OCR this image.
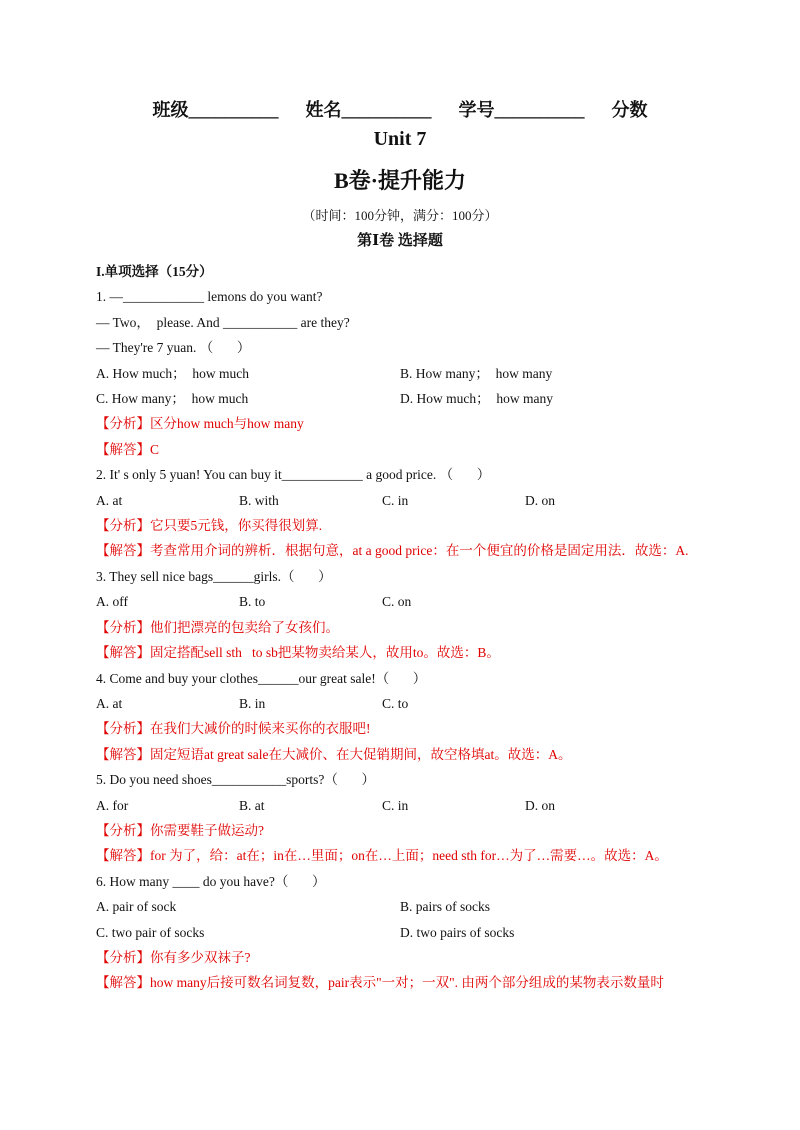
班级__________      姓名__________      学号__________      分数
Unit 7
B卷·提升能力
（时间：100分钟，满分：100分）
第Ⅰ卷 选择题
I.单项选择（15分）
1. —____________ lemons do you want?
— Two，  please. And ___________ are they?
— They're 7 yuan. （       ）
A. How much；  how much	B. How many；  how many
C. How many；  how much	D. How much；  how many
【分析】区分how much与how many
【解答】C
2. It' s only 5 yuan! You can buy it____________ a good price. （       ）
A. at	B. with	C. in	D. on
【分析】它只要5元钱，你买得很划算.
【解答】考查常用介词的辨析．根据句意，at a good price：在一个便宜的价格是固定用法．故选：A.
3. They sell nice bags______girls.（       ）
A. off	B. to	C. on
【分析】他们把漂亮的包卖给了女孩们。
【解答】固定搭配sell sth   to sb把某物卖给某人，故用to。故选：B。
4. Come and buy your clothes______our great sale!（       ）
A. at	B. in	C. to
【分析】在我们大减价的时候来买你的衣服吧!
【解答】固定短语at great sale在大减价、在大促销期间，故空格填at。故选：A。
5. Do you need shoes___________sports?（       ）
A. for	B. at	C. in	D. on
【分析】你需要鞋子做运动?
【解答】for 为了，给：at在；in在…里面；on在…上面；need sth for…为了…需要…。故选：A。
6. How many ____ do you have?（       ）
A. pair of sock	B. pairs of socks
C. two pair of socks	D. two pairs of socks
【分析】你有多少双袜子?
【解答】how many后接可数名词复数，pair表示"一对；一双". 由两个部分组成的某物表示数量时
